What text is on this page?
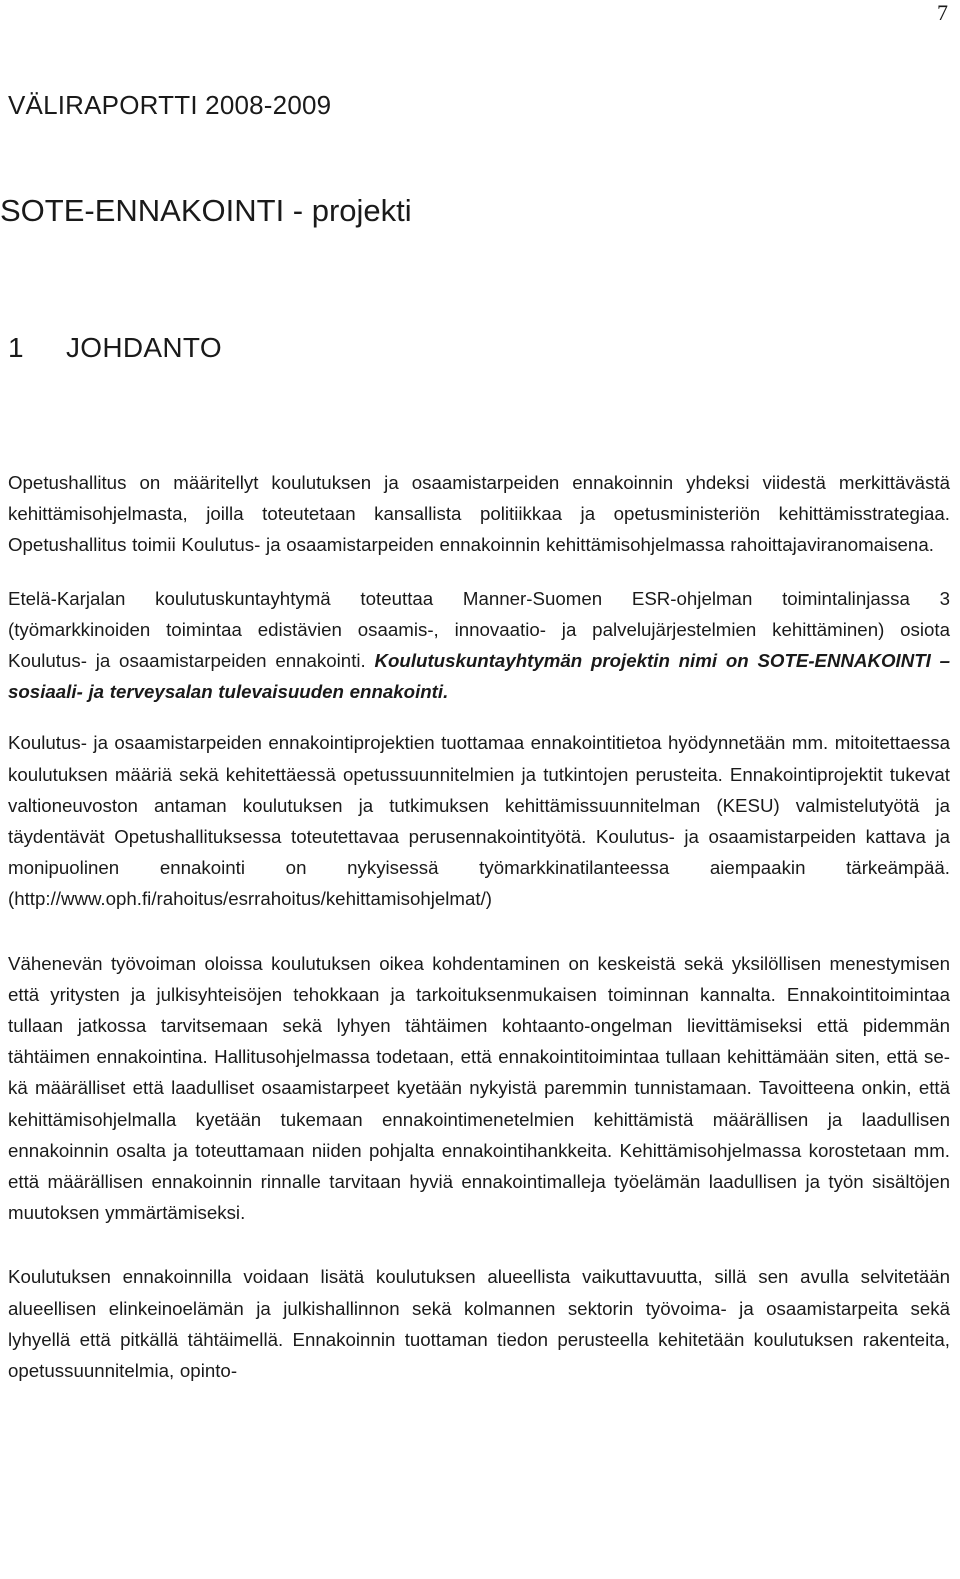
7
VÄLIRAPORTTI 2008-2009
SOTE-ENNAKOINTI - projekti
1 JOHDANTO

Opetushallitus on määritellyt koulutuksen ja osaamistarpeiden ennakoinnin yhdeksi viidestä merkittävästä kehittämisohjelmasta, joilla toteutetaan kansallista politiikkaa ja opetusministeriön kehittämisstrategiaa. Opetushallitus toimii Koulutus- ja osaamistarpeiden ennakoinnin kehittämisohjelmassa rahoittajaviranomaisena.

Etelä-Karjalan koulutuskuntayhtymä toteuttaa Manner-Suomen ESR-ohjelman toimintalinjassa 3 (työmarkkinoiden toimintaa edistävien osaamis-, innovaatio- ja palvelujärjestelmien kehittäminen) osiota Koulutus- ja osaamistarpeiden ennakointi. Koulutuskuntayhtymän projektin nimi on SOTE-ENNAKOINTI – sosiaali- ja terveysalan tulevaisuuden ennakointi.

Koulutus- ja osaamistarpeiden ennakointiprojektien tuottamaa ennakointitietoa hyödynnetään mm. mitoitettaessa koulutuksen määriä sekä kehitettäessä opetussuunnitelmien ja tutkintojen perusteita. Ennakointiprojektit tukevat valtioneuvoston antaman koulutuksen ja tutkimuksen kehittämissuunnitelman (KESU) valmistelutyötä ja täydentävät Opetushallituksessa toteutettavaa perusennakointityötä. Koulutus- ja osaamistarpeiden kattava ja monipuolinen ennakointi on nykyisessä työmarkkinatilanteessa aiempaakin tärkeämpää. (http://www.oph.fi/rahoitus/esrrahoitus/kehittamisohjelmat/)

Vähenevän työvoiman oloissa koulutuksen oikea kohdentaminen on keskeistä sekä yksilöllisen menestymisen että yritysten ja julkisyhteisöjen tehokkaan ja tarkoituksenmukaisen toiminnan kannalta. Ennakointitoimintaa tullaan jatkossa tarvitsemaan sekä lyhyen tähtäimen kohtaanto-ongelman lievittämiseksi että pidemmän tähtäimen ennakointina. Hallitusohjelmassa todetaan, että ennakointitoimintaa tullaan kehittämään siten, että se-kä määrälliset että laadulliset osaamistarpeet kyetään nykyistä paremmin tunnistamaan. Tavoitteena onkin, että kehittämisohjelmalla kyetään tukemaan ennakointimenetelmien kehittämistä määrällisen ja laadullisen ennakoinnin osalta ja toteuttamaan niiden pohjalta ennakointihankkeita. Kehittämisohjelmassa korostetaan mm. että määrällisen ennakoinnin rinnalle tarvitaan hyviä ennakointimalleja työelämän laadullisen ja työn sisältöjen muutoksen ymmärtämiseksi.

Koulutuksen ennakoinnilla voidaan lisätä koulutuksen alueellista vaikuttavuutta, sillä sen avulla selvitetään alueellisen elinkeinoelämän ja julkishallinnon sekä kolmannen sektorin työvoima- ja osaamistarpeita sekä lyhyellä että pitkällä tähtäimellä. Ennakoinnin tuottaman tiedon perusteella kehitetään koulutuksen rakenteita, opetussuunnitelmia, opinto-
